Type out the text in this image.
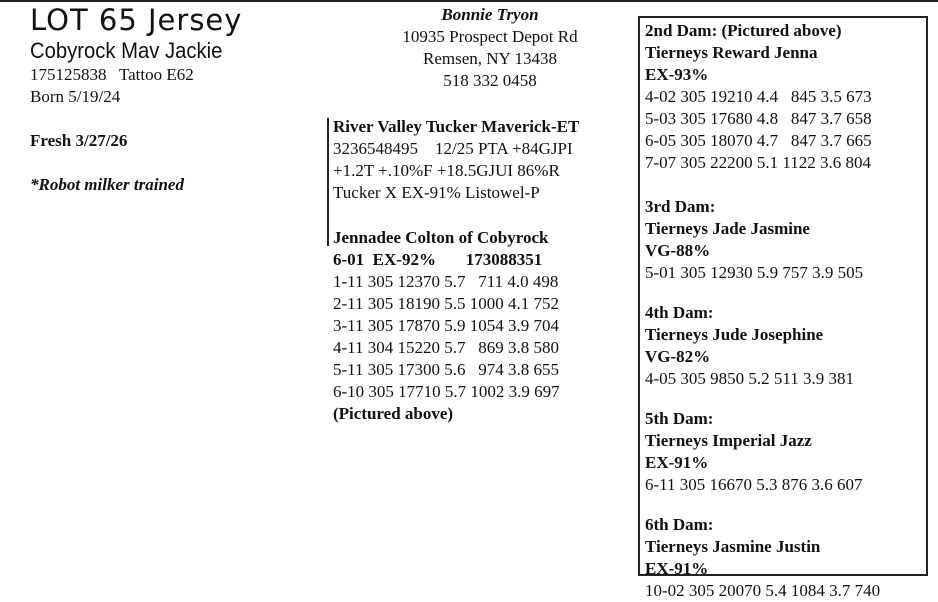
LOT 65 Jersey
Cobyrock Mav Jackie
175125838   Tattoo E62
Born 5/19/24
Fresh 3/27/26
*Robot milker trained
Bonnie Tryon
10935 Prospect Depot Rd
Remsen, NY 13438
518 332 0458
River Valley Tucker Maverick-ET
3236548495    12/25 PTA +84GJPI
+1.2T +.10%F +18.5GJUI 86%R
Tucker X EX-91% Listowel-P
Jennadee Colton of Cobyrock
6-01  EX-92%       173088351
1-11 305 12370 5.7   711 4.0 498
2-11 305 18190 5.5 1000 4.1 752
3-11 305 17870 5.9 1054 3.9 704
4-11 304 15220 5.7   869 3.8 580
5-11 305 17300 5.6   974 3.8 655
6-10 305 17710 5.7 1002 3.9 697
(Pictured above)
2nd Dam: (Pictured above)
Tierneys Reward Jenna
EX-93%
4-02 305 19210 4.4   845 3.5 673
5-03 305 17680 4.8   847 3.7 658
6-05 305 18070 4.7   847 3.7 665
7-07 305 22200 5.1 1122 3.6 804
3rd Dam:
Tierneys Jade Jasmine
VG-88%
5-01 305 12930 5.9 757 3.9 505
4th Dam:
Tierneys Jude Josephine
VG-82%
4-05 305 9850 5.2 511 3.9 381
5th Dam:
Tierneys Imperial Jazz
EX-91%
6-11 305 16670 5.3 876 3.6 607
6th Dam:
Tierneys Jasmine Justin
EX-91%
10-02 305 20070 5.4 1084 3.7 740
